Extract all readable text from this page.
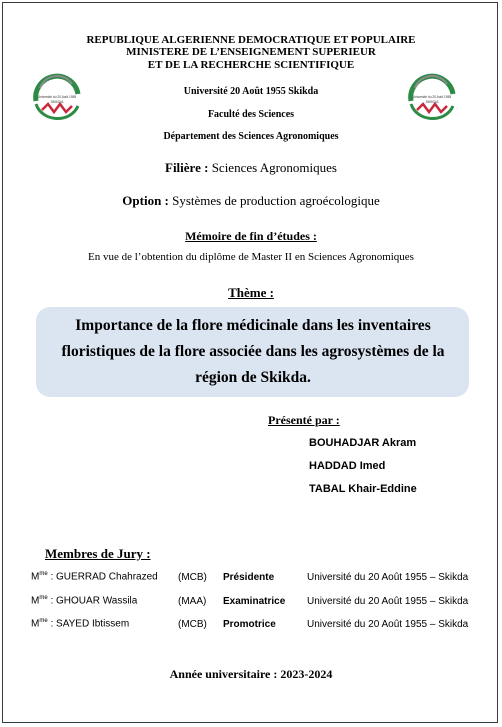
REPUBLIQUE ALGERIENNE DEMOCRATIQUE ET POPULAIRE
MINISTERE DE L’ENSEIGNEMENT SUPERIEUR
ET DE LA RECHERCHE SCIENTIFIQUE
Université 20 Août 1955 Skikda
Faculté des Sciences
Département des Sciences Agronomiques
Université du 20 Août 1955
SKIKDA
Université du 20 Août 1955
SKIKDA
Filière : Sciences Agronomiques
Option : Systèmes de production agroécologique
Mémoire de fin d’études :
En vue de l’obtention du diplôme de Master II en Sciences Agronomiques
Thème :
Importance de la flore médicinale dans les inventaires
floristiques de la flore associée dans les agrosystèmes de la
région de Skikda.
Présenté par :
BOUHADJAR Akram
HADDAD Imed
TABAL Khair-Eddine
Membres de Jury :
$M^{me}$ : GUERRAD Chahrazed (MCB) Présidente	Université du 20 Août 1955 – Skikda
$M^{me}$ : GHOUAR Wassila	(MAA) Examinatrice Université du 20 Août 1955 – Skikda
$M^{me}$ : SAYED Ibtissem	(MCB) Promotrice	Université du 20 Août 1955 – Skikda
Année universitaire : 2023-2024
